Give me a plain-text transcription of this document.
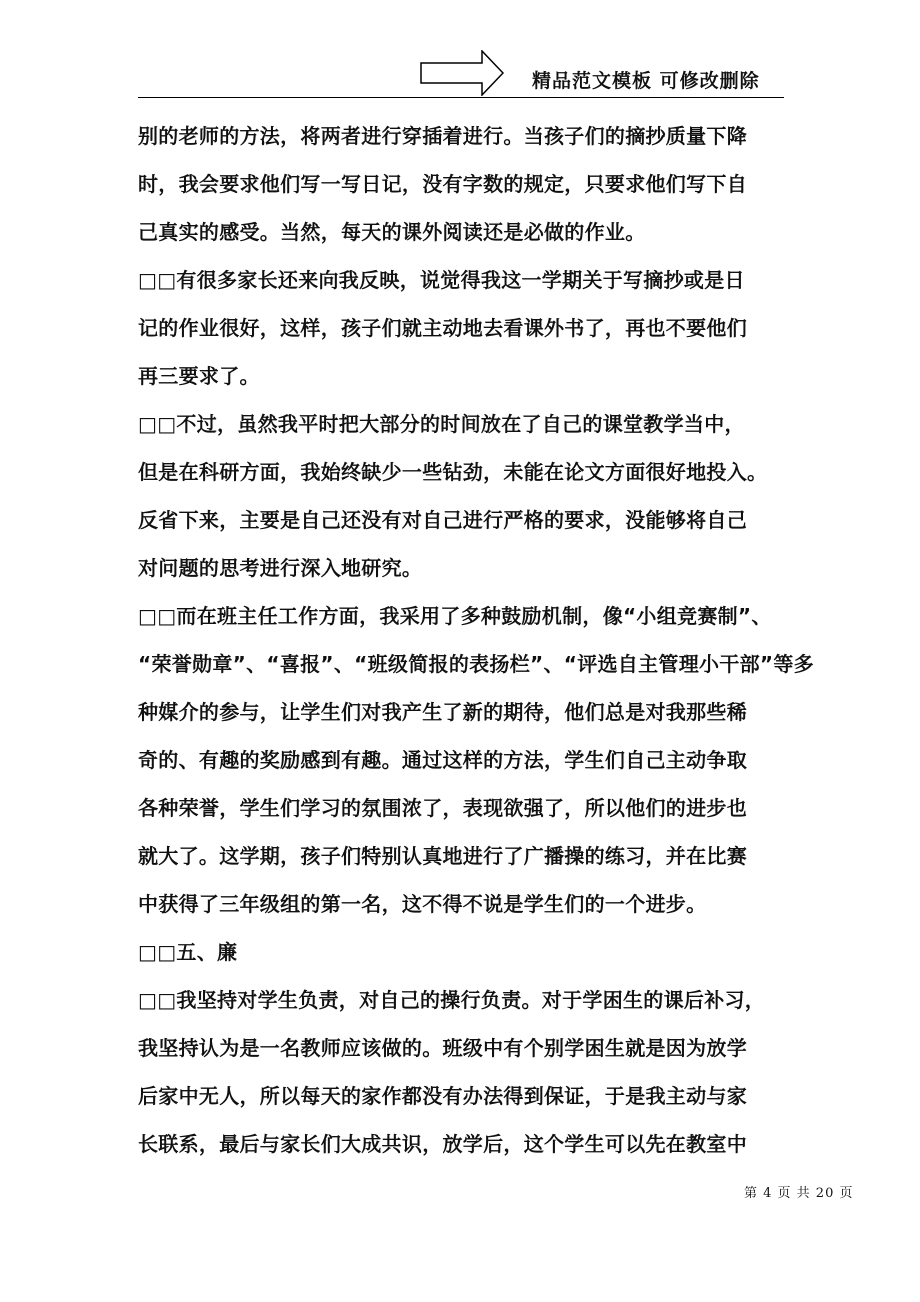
精品范文模板 可修改删除
别的老师的方法，将两者进行穿插着进行。当孩子们的摘抄质量下降
时，我会要求他们写一写日记，没有字数的规定，只要求他们写下自
己真实的感受。当然，每天的课外阅读还是必做的作业。
□□有很多家长还来向我反映，说觉得我这一学期关于写摘抄或是日
记的作业很好，这样，孩子们就主动地去看课外书了，再也不要他们
再三要求了。
□□不过，虽然我平时把大部分的时间放在了自己的课堂教学当中，
但是在科研方面，我始终缺少一些钻劲，未能在论文方面很好地投入。
反省下来，主要是自己还没有对自己进行严格的要求，没能够将自己
对问题的思考进行深入地研究。
□□而在班主任工作方面，我采用了多种鼓励机制，像“小组竞赛制”、
“荣誉勋章”、“喜报”、“班级简报的表扬栏”、“评选自主管理小干部”等多
种媒介的参与，让学生们对我产生了新的期待，他们总是对我那些稀
奇的、有趣的奖励感到有趣。通过这样的方法，学生们自己主动争取
各种荣誉，学生们学习的氛围浓了，表现欲强了，所以他们的进步也
就大了。这学期，孩子们特别认真地进行了广播操的练习，并在比赛
中获得了三年级组的第一名，这不得不说是学生们的一个进步。
□□五、廉
□□我坚持对学生负责，对自己的操行负责。对于学困生的课后补习，
我坚持认为是一名教师应该做的。班级中有个别学困生就是因为放学
后家中无人，所以每天的家作都没有办法得到保证，于是我主动与家
长联系，最后与家长们大成共识，放学后，这个学生可以先在教室中
第 4 页 共 20 页
